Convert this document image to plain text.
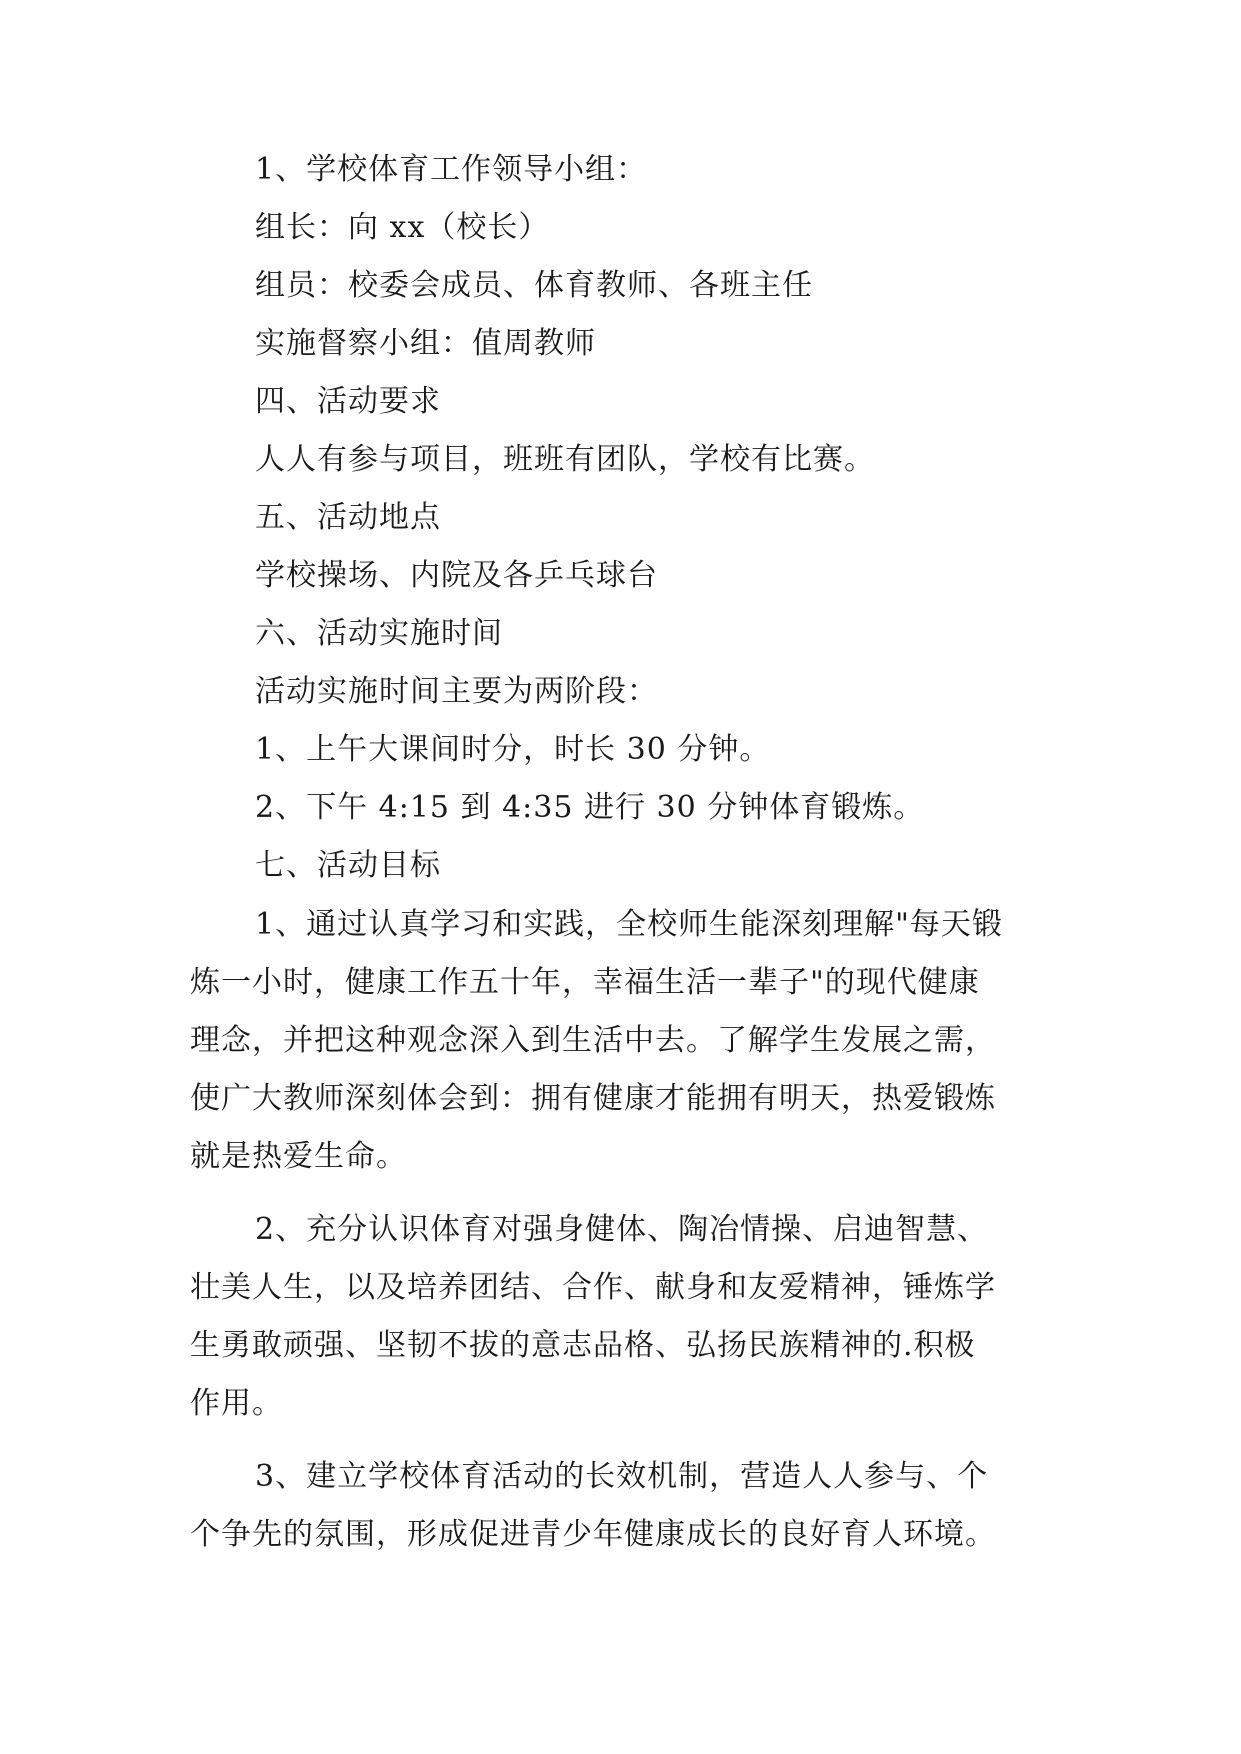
1、学校体育工作领导小组：
组长：向 xx（校长）
组员：校委会成员、体育教师、各班主任
实施督察小组：值周教师
四、活动要求
人人有参与项目，班班有团队，学校有比赛。
五、活动地点
学校操场、内院及各乒乓球台
六、活动实施时间
活动实施时间主要为两阶段：
1、上午大课间时分，时长 30 分钟。
2、下午 4:15 到 4:35 进行 30 分钟体育锻炼。
七、活动目标
1、通过认真学习和实践，全校师生能深刻理解"每天锻
炼一小时，健康工作五十年，幸福生活一辈子"的现代健康
理念，并把这种观念深入到生活中去。了解学生发展之需，
使广大教师深刻体会到：拥有健康才能拥有明天，热爱锻炼
就是热爱生命。
2、充分认识体育对强身健体、陶冶情操、启迪智慧、
壮美人生，以及培养团结、合作、献身和友爱精神，锤炼学
生勇敢顽强、坚韧不拔的意志品格、弘扬民族精神的.积极
作用。
3、建立学校体育活动的长效机制，营造人人参与、个
个争先的氛围，形成促进青少年健康成长的良好育人环境。
